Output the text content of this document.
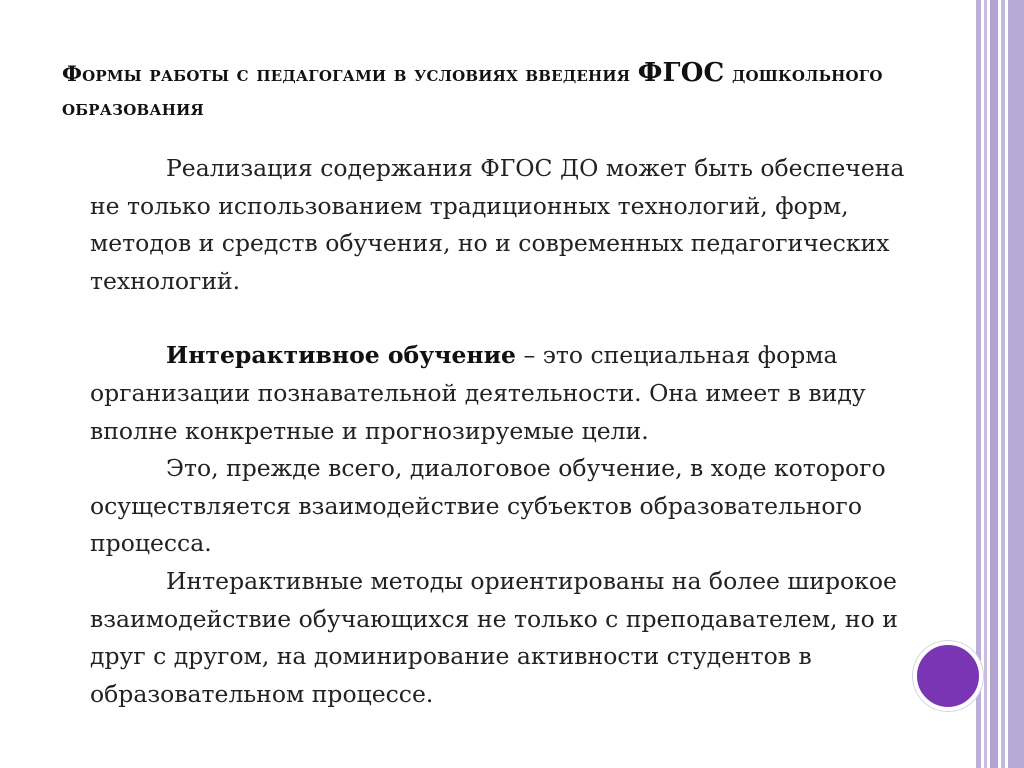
Формы работы с педагогами в условиях введения ФГОС дошкольного образования

Реализация содержания ФГОС ДО может быть обеспечена не только использованием традиционных технологий, форм, методов и средств обучения, но и современных педагогических технологий.

Интерактивное обучение – это специальная форма организации познавательной деятельности. Она имеет в виду вполне конкретные и прогнозируемые цели.

Это, прежде всего, диалоговое обучение, в ходе которого осуществляется взаимодействие субъектов образовательного процесса.

Интерактивные методы ориентированы на более широкое взаимодействие обучающихся не только с преподавателем, но и друг с другом, на доминирование активности студентов в образовательном процессе.
